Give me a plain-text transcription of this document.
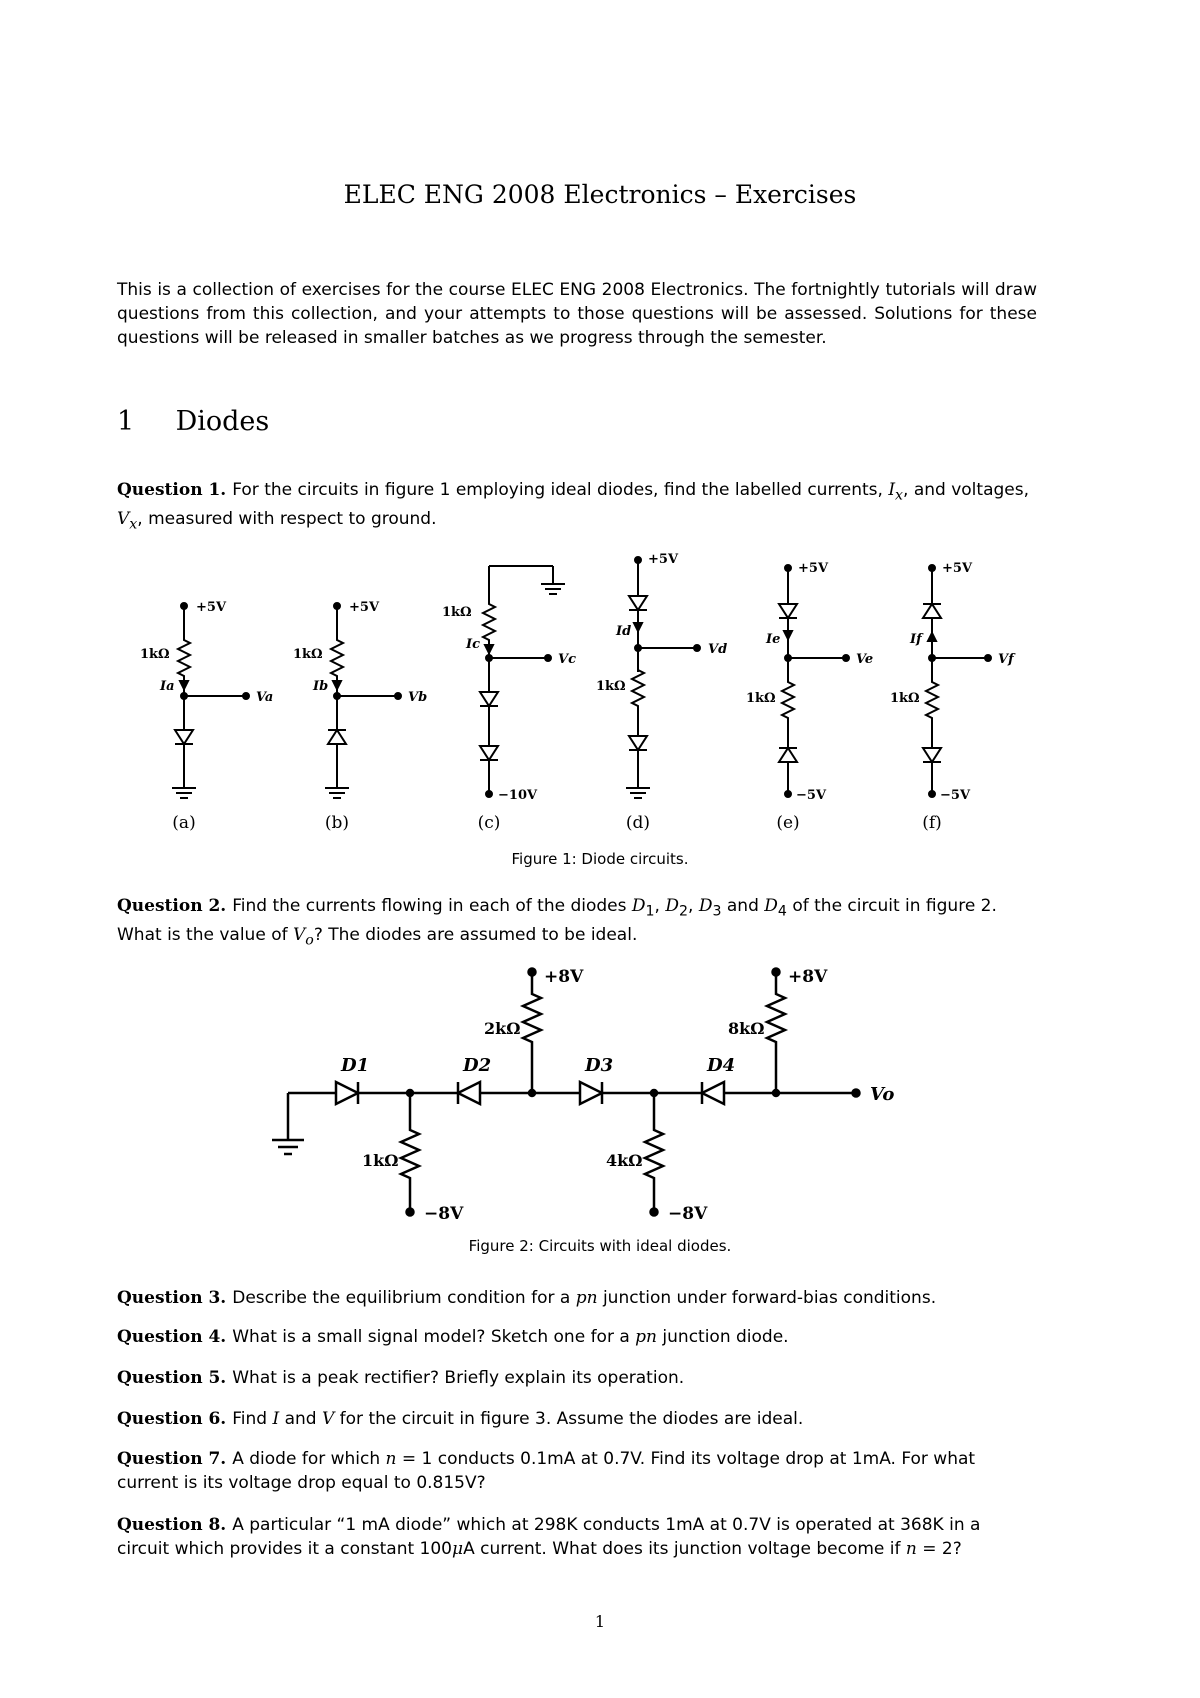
ELEC ENG 2008 Electronics – Exercises
This is a collection of exercises for the course ELEC ENG 2008 Electronics. The fortnightly tutorials will draw questions from this collection, and your attempts to those questions will be assessed. Solutions for these questions will be released in smaller batches as we progress through the semester.
1 Diodes
Question 1. For the circuits in figure 1 employing ideal diodes, find the labelled currents, $I_x$, and voltages, $V_x$, measured with respect to ground.
+5V
1kΩ
Ia
Va
(a)
+5V
1kΩ
Ib
Vb
(b)
1kΩ
Ic
Vc
−10V
(c)
+5V
Id
Vd
1kΩ
(d)
+5V
Ie
Ve
1kΩ
−5V
(e)
+5V
If
Vf
1kΩ
−5V
(f)
Figure 1: Diode circuits.
Question 2. Find the currents flowing in each of the diodes $D_1$, $D_2$, $D_3$ and $D_4$ of the circuit in figure 2. What is the value of $V_o$? The diodes are assumed to be ideal.
D1	D2	D3	D4
+8V	+8V
2kΩ	8kΩ
1kΩ	4kΩ
−8V	−8V
Vo
Figure 2: Circuits with ideal diodes.
Question 3. Describe the equilibrium condition for a pn junction under forward-bias conditions.
Question 4. What is a small signal model? Sketch one for a pn junction diode.
Question 5. What is a peak rectifier? Briefly explain its operation.
Question 6. Find I and V for the circuit in figure 3. Assume the diodes are ideal.
Question 7. A diode for which n = 1 conducts 0.1mA at 0.7V. Find its voltage drop at 1mA. For what current is its voltage drop equal to 0.815V?
Question 8. A particular “1 mA diode” which at 298K conducts 1mA at 0.7V is operated at 368K in a circuit which provides it a constant 100μA current. What does its junction voltage become if n = 2?
1
